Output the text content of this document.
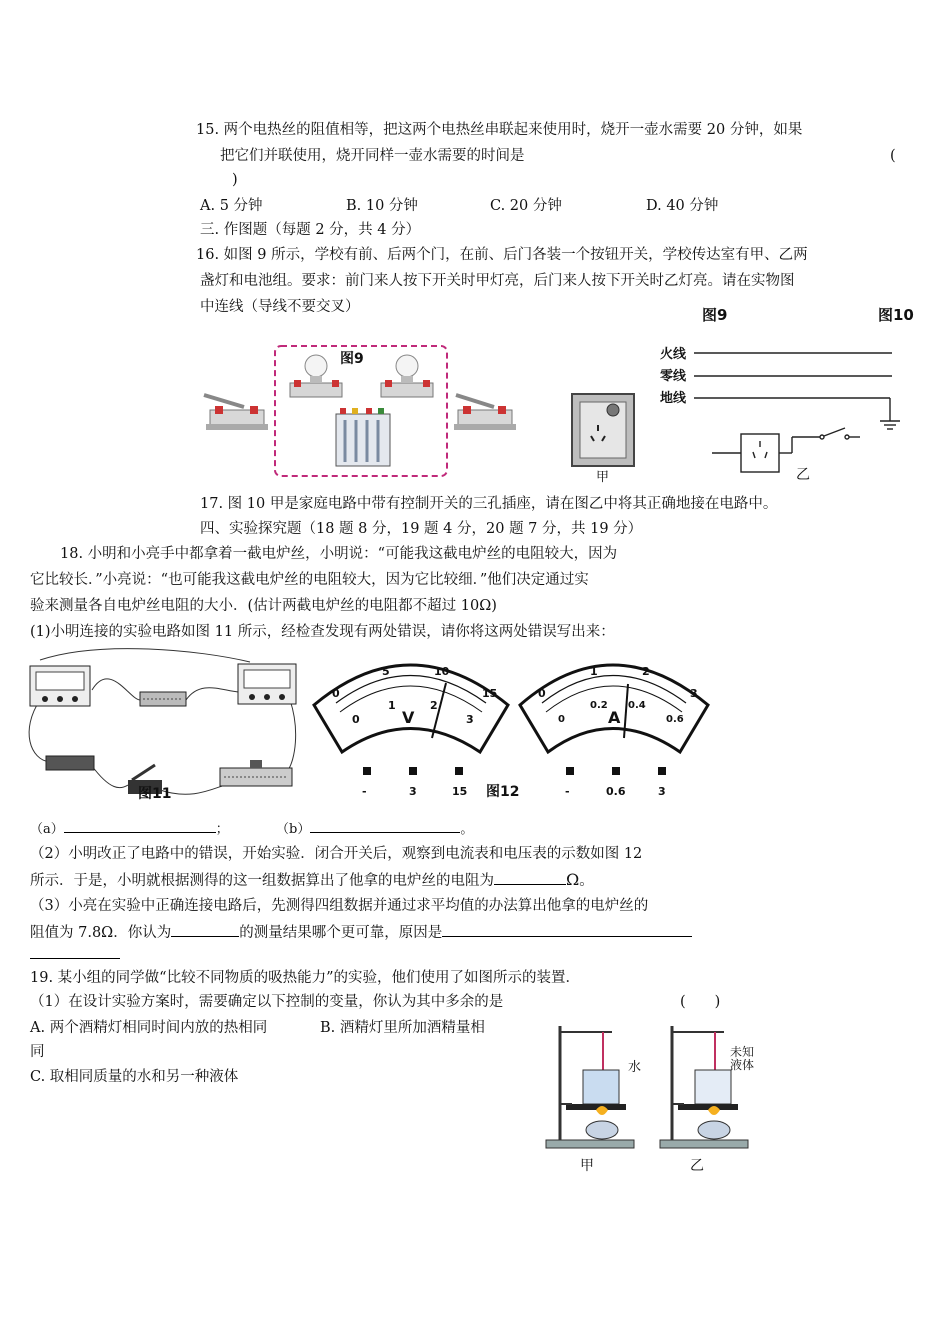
15. 两个电热丝的阻值相等，把这两个电热丝串联起来使用时，烧开一壶水需要 20 分钟，如果
把它们并联使用，烧开同样一壶水需要的时间是	(
)
A. 5 分钟	B. 10 分钟	C. 20 分钟	D. 40 分钟
三. 作图题（每题 2 分，共 4 分）
16. 如图 9 所示，学校有前、后两个门，在前、后门各装一个按钮开关，学校传达室有甲、乙两
盏灯和电池组。要求：前门来人按下开关时甲灯亮，后门来人按下开关时乙灯亮。请在实物图
中连线（导线不要交叉）	图9	图10
图9	火线
零线
地线
甲	乙
17. 图 10 甲是家庭电路中带有控制开关的三孔插座，请在图乙中将其正确地接在电路中。
四、实验探究题（18 题 8 分，19 题 4 分，20 题 7 分，共 19 分）
18. 小明和小亮手中都拿着一截电炉丝，小明说：“可能我这截电炉丝的电阻较大，因为
它比较长．”小亮说：“也可能我这截电炉丝的电阻较大，因为它比较细．”他们决定通过实
验来测量各自电炉丝电阻的大小．(估计两截电炉丝的电阻都不超过 10Ω)
(1)小明连接的实验电路如图 11 所示，经检查发现有两处错误，请你将这两处错误写出来：
图11	图12
0
5	10
15
0
1	2
3
V
-	3	15
0
1	2
3
0
0.2 0.4
0.6
A
-	0.6	3
（a）	；	（b）	。
（2）小明改正了电路中的错误，开始实验．闭合开关后，观察到电流表和电压表的示数如图 12
所示．于是，小明就根据测得的这一组数据算出了他拿的电炉丝的电阻为	Ω。
（3）小亮在实验中正确连接电路后，先测得四组数据并通过求平均值的办法算出他拿的电炉丝的
阻值为 7.8Ω．你认为	的测量结果哪个更可靠，原因是
19. 某小组的同学做“比较不同物质的吸热能力”的实验，他们使用了如图所示的装置．
（1）在设计实验方案时，需要确定以下控制的变量，你认为其中多余的是	(　　)
A. 两个酒精灯相同时间内放的热相同	B. 酒精灯里所加酒精量相
同
C. 取相同质量的水和另一种液体
水
未知
液体
甲	乙
